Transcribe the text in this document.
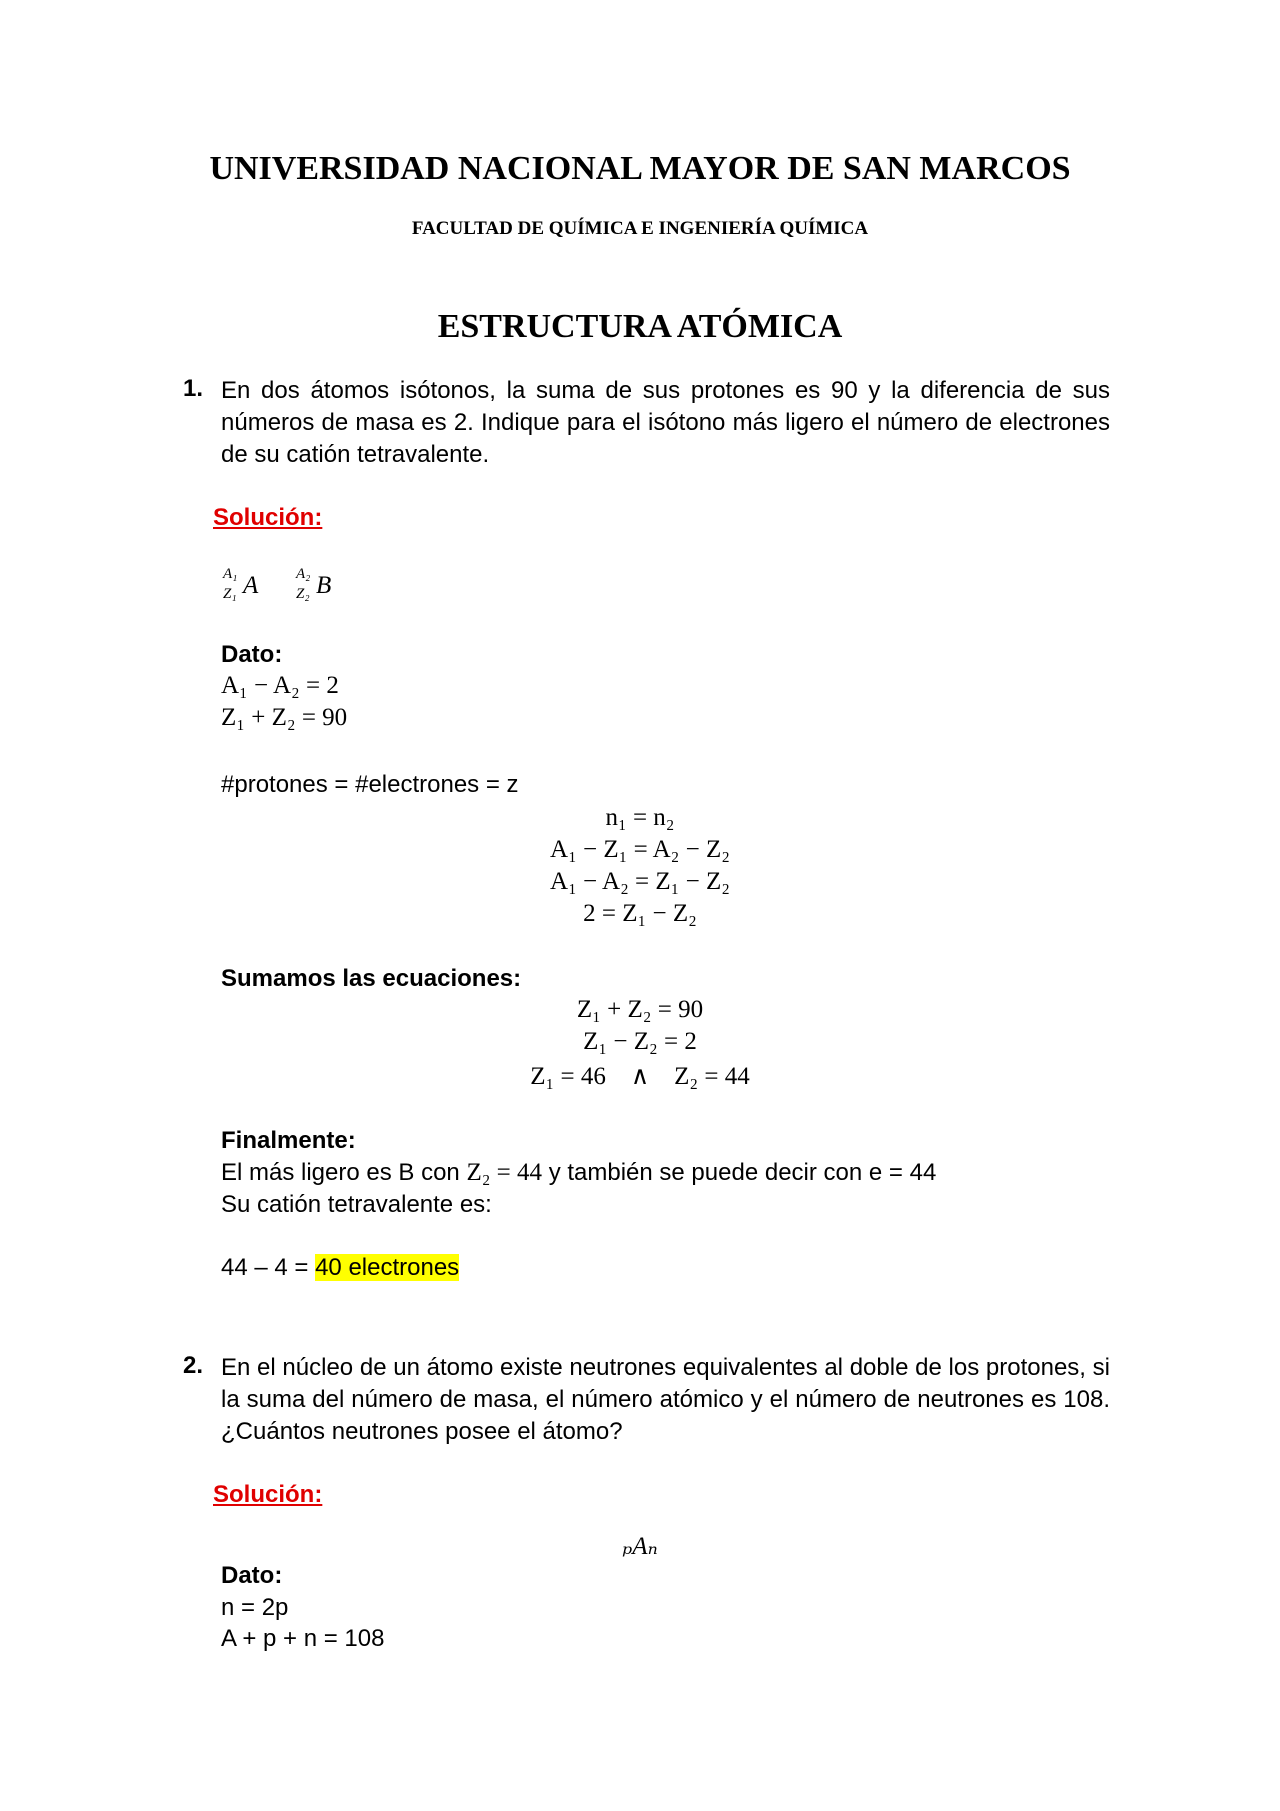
UNIVERSIDAD NACIONAL MAYOR DE SAN MARCOS
FACULTAD DE QUÍMICA E INGENIERÍA QUÍMICA
ESTRUCTURA ATÓMICA
1. En dos átomos isótonos, la suma de sus protones es 90 y la diferencia de sus números de masa es 2. Indique para el isótono más ligero el número de electrones de su catión tetravalente.
Solución:
A₁
Z₁ A	A₂
Z₂ B
Dato:
A₁ − A₂ = 2
Z₁ + Z₂ = 90
#protones = #electrones = z
n₁ = n₂
A₁ − Z₁ = A₂ − Z₂
A₁ − A₂ = Z₁ − Z₂
2 = Z₁ − Z₂
Sumamos las ecuaciones:
Z₁ + Z₂ = 90
Z₁ − Z₂ = 2
Z₁ = 46    ∧    Z₂ = 44
Finalmente:
El más ligero es B con Z₂ = 44 y también se puede decir con e = 44
Su catión tetravalente es:
44 – 4 = 40 electrones
2. En el núcleo de un átomo existe neutrones equivalentes al doble de los protones, si la suma del número de masa, el número atómico y el número de neutrones es 108. ¿Cuántos neutrones posee el átomo?
Solución:
ₚAₙ
Dato:
n = 2p
A + p + n = 108
